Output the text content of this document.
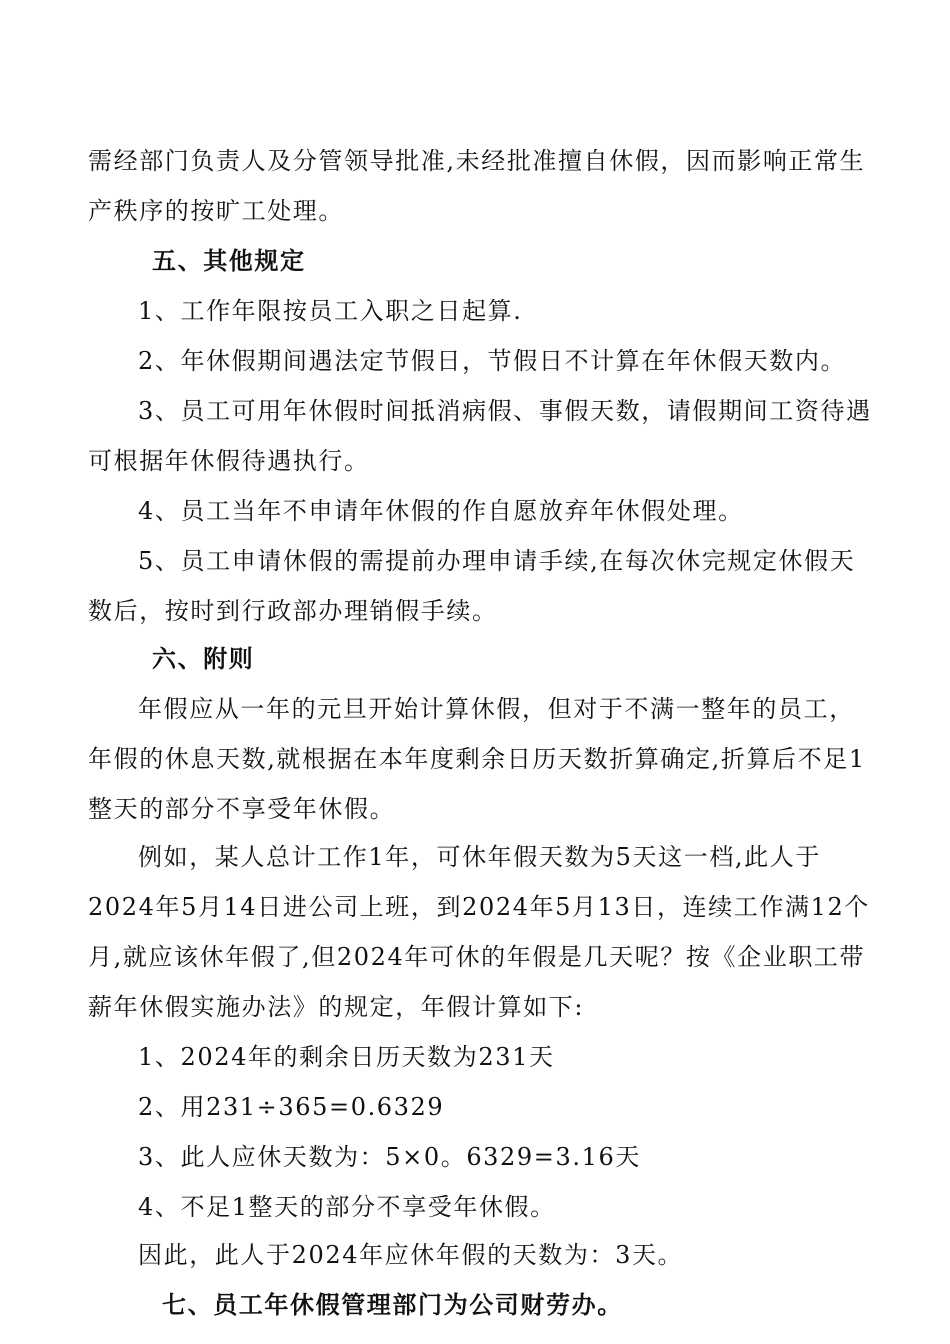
需经部门负责人及分管领导批准,未经批准擅自休假，因而影响正常生
产秩序的按旷工处理。
五、其他规定
1、工作年限按员工入职之日起算.
2、年休假期间遇法定节假日，节假日不计算在年休假天数内。
3、员工可用年休假时间抵消病假、事假天数，请假期间工资待遇
可根据年休假待遇执行。
4、员工当年不申请年休假的作自愿放弃年休假处理。
5、员工申请休假的需提前办理申请手续,在每次休完规定休假天
数后，按时到行政部办理销假手续。
六、附则
年假应从一年的元旦开始计算休假，但对于不满一整年的员工，
年假的休息天数,就根据在本年度剩余日历天数折算确定,折算后不足1
整天的部分不享受年休假。
例如，某人总计工作1年，可休年假天数为5天这一档,此人于
2024年5月14日进公司上班，到2024年5月13日，连续工作满12个
月,就应该休年假了,但2024年可休的年假是几天呢？按《企业职工带
薪年休假实施办法》的规定，年假计算如下:
1、2024年的剩余日历天数为231天
2、用231÷365=0.6329
3、此人应休天数为：5×0。6329=3.16天
4、不足1整天的部分不享受年休假。
因此，此人于2024年应休年假的天数为：3天。
七、员工年休假管理部门为公司财劳办。
